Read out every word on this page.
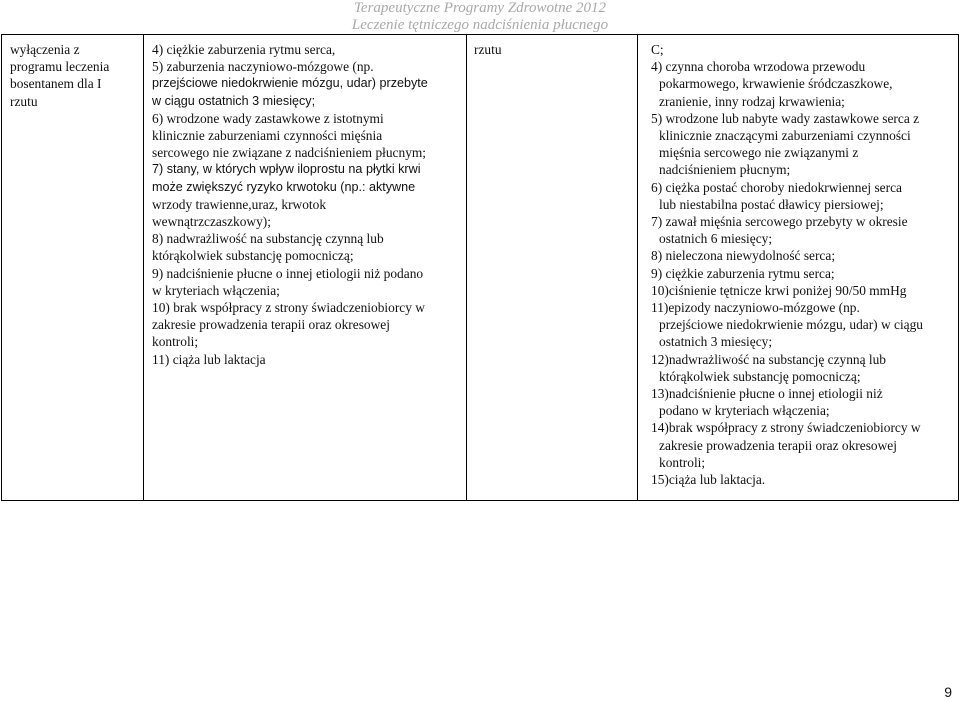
Terapeutyczne Programy Zdrowotne 2012
Leczenie tętniczego nadciśnienia płucnego
wyłączenia z
programu leczenia
bosentanem dla I
rzutu
4) ciężkie zaburzenia rytmu serca,
5) zaburzenia naczyniowo-mózgowe (np.
przejściowe niedokrwienie mózgu, udar) przebyte
w ciągu ostatnich 3 miesięcy;
6) wrodzone wady zastawkowe z istotnymi
klinicznie zaburzeniami czynności mięśnia
sercowego nie związane z nadciśnieniem płucnym;
7) stany, w których wpływ iloprostu na płytki krwi
może zwiększyć ryzyko krwotoku (np.: aktywne
wrzody trawienne,uraz, krwotok
wewnątrzczaszkowy);
8) nadwrażliwość na substancję czynną lub
którąkolwiek substancję pomocniczą;
9) nadciśnienie płucne o innej etiologii niż podano
w kryteriach włączenia;
10) brak współpracy z strony świadczeniobiorcy w
zakresie prowadzenia terapii oraz okresowej
kontroli;
11) ciąża lub laktacja
rzutu	C;
4) czynna choroba wrzodowa przewodu
pokarmowego, krwawienie śródczaszkowe,
zranienie, inny rodzaj krwawienia;
5) wrodzone lub nabyte wady zastawkowe serca z
klinicznie znaczącymi zaburzeniami czynności
mięśnia sercowego nie związanymi z
nadciśnieniem płucnym;
6) ciężka postać choroby niedokrwiennej serca
lub niestabilna postać dławicy piersiowej;
7) zawał mięśnia sercowego przebyty w okresie
ostatnich 6 miesięcy;
8) nieleczona niewydolność serca;
9) ciężkie zaburzenia rytmu serca;
10)ciśnienie tętnicze krwi poniżej 90/50 mmHg
11)epizody naczyniowo-mózgowe (np.
przejściowe niedokrwienie mózgu, udar) w ciągu
ostatnich 3 miesięcy;
12)nadwrażliwość na substancję czynną lub
którąkolwiek substancję pomocniczą;
13)nadciśnienie płucne o innej etiologii niż
podano w kryteriach włączenia;
14)brak współpracy z strony świadczeniobiorcy w
zakresie prowadzenia terapii oraz okresowej
kontroli;
15)ciąża lub laktacja.
9
